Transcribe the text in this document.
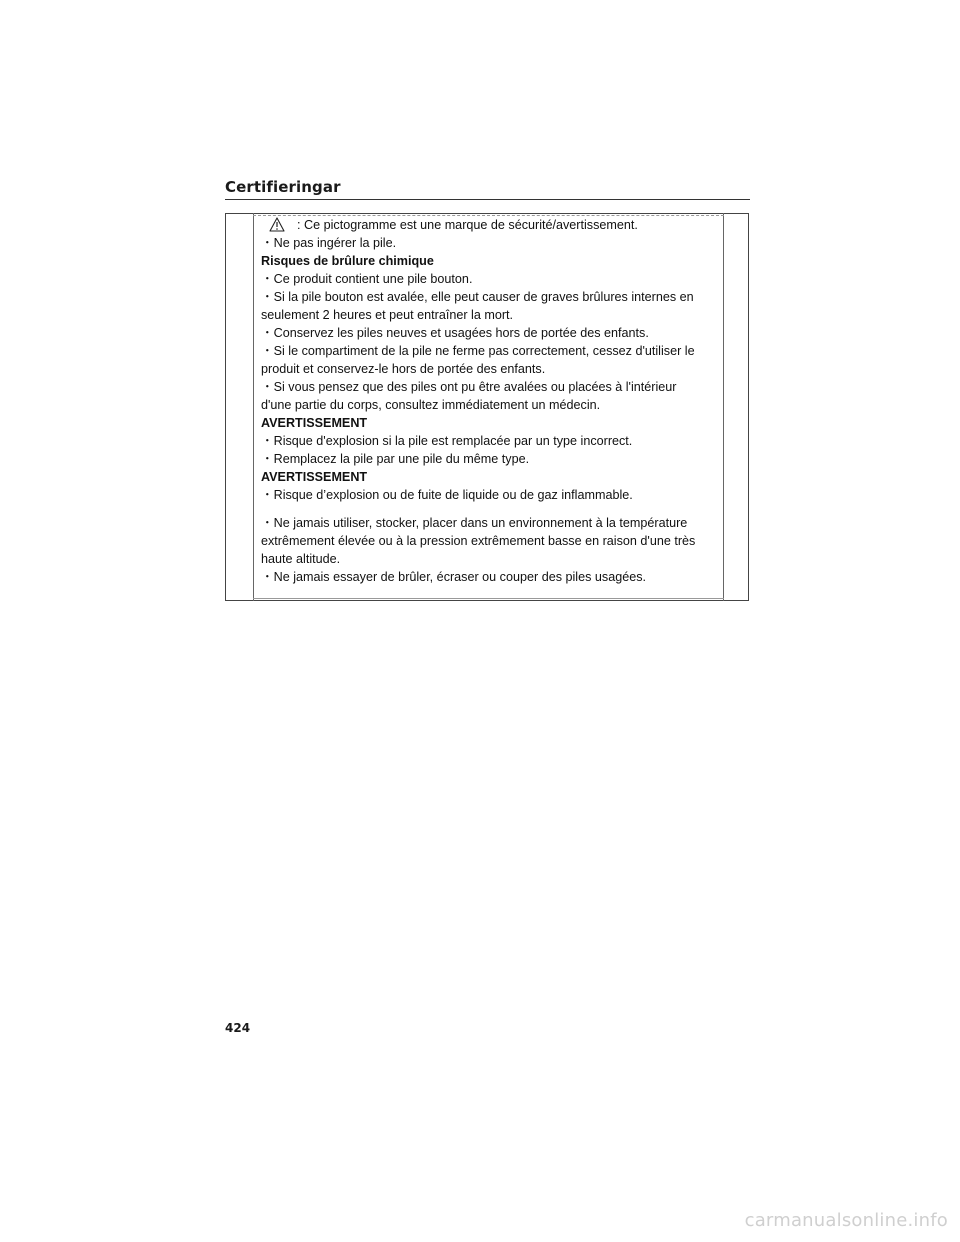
Certifieringar

: Ce pictogramme est une marque de sécurité/avertissement.

・Ne pas ingérer la pile.

Risques de brûlure chimique

・Ce produit contient une pile bouton.

・Si la pile bouton est avalée, elle peut causer de graves brûlures internes en

seulement 2 heures et peut entraîner la mort.

・Conservez les piles neuves et usagées hors de portée des enfants.

・Si le compartiment de la pile ne ferme pas correctement, cessez d'utiliser le

produit et conservez-le hors de portée des enfants.

・Si vous pensez que des piles ont pu être avalées ou placées à l'intérieur

d'une partie du corps, consultez immédiatement un médecin.

AVERTISSEMENT

・Risque d'explosion si la pile est remplacée par un type incorrect.

・Remplacez la pile par une pile du même type.

AVERTISSEMENT

・Risque d’explosion ou de fuite de liquide ou de gaz inflammable.

・Ne jamais utiliser, stocker, placer dans un environnement à la température

extrêmement élevée ou à la pression extrêmement basse en raison d'une très

haute altitude.

・Ne jamais essayer de brûler, écraser ou couper des piles usagées.

424
carmanualsonline.info
